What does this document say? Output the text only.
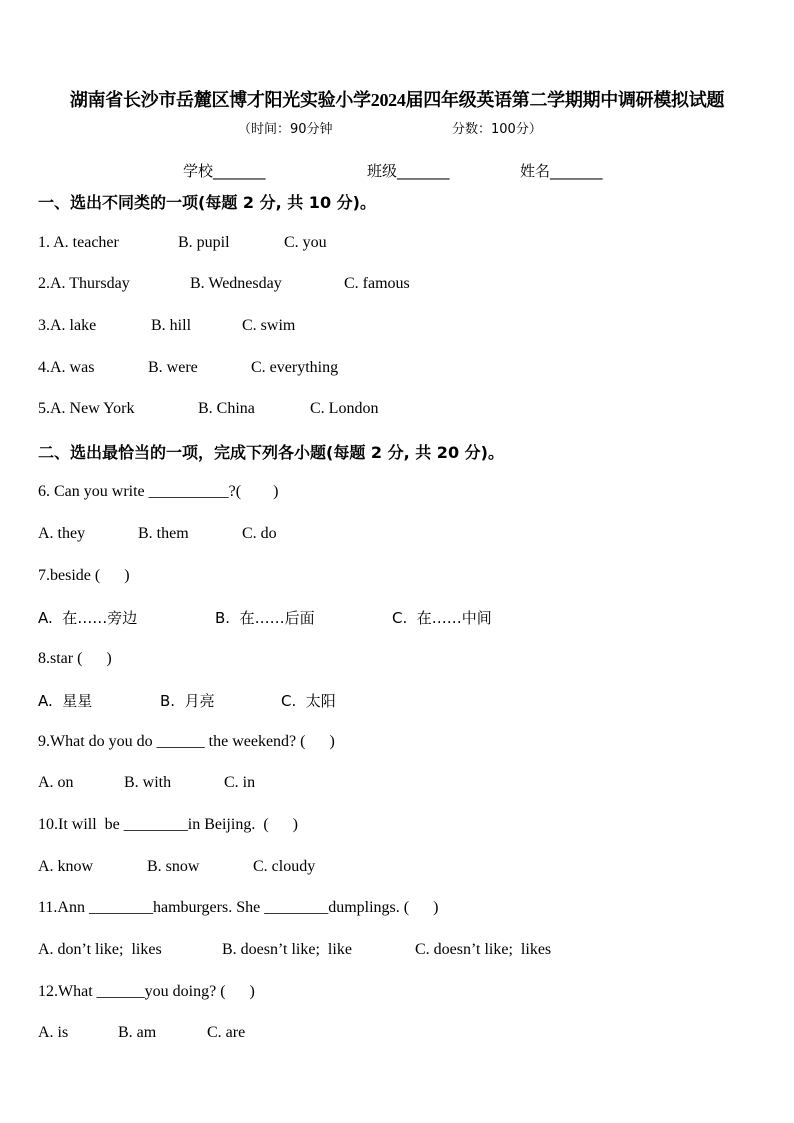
湖南省长沙市岳麓区博才阳光实验小学2024届四年级英语第二学期期中调研模拟试题
（时间：90分钟	分数：100分）
学校_______	班级_______	姓名_______
一、选出不同类的一项(每题 2 分, 共 10 分)。
1. A. teacher	B. pupil	C. you
2.A. Thursday	B. Wednesday	C. famous
3.A. lake	B. hill	C. swim
4.A. was	B. were	C. everything
5.A. New York	B. China	C. London
二、选出最恰当的一项，完成下列各小题(每题 2 分, 共 20 分)。
6. Can you write __________?(        )
A. they	B. them	C. do
7.beside (      )
A.  在……旁边	B.  在……后面	C.  在……中间
8.star (      )
A.  星星	B.  月亮	C.  太阳
9.What do you do ______ the weekend? (      )
A. on	B. with	C. in
10.It will  be ________in Beijing.  (      )
A. know	B. snow	C. cloudy
11.Ann ________hamburgers. She ________dumplings. (      )
A. don’t like;  likes	B. doesn’t like;  like	C. doesn’t like;  likes
12.What ______you doing? (      )
A. is	B. am	C. are
